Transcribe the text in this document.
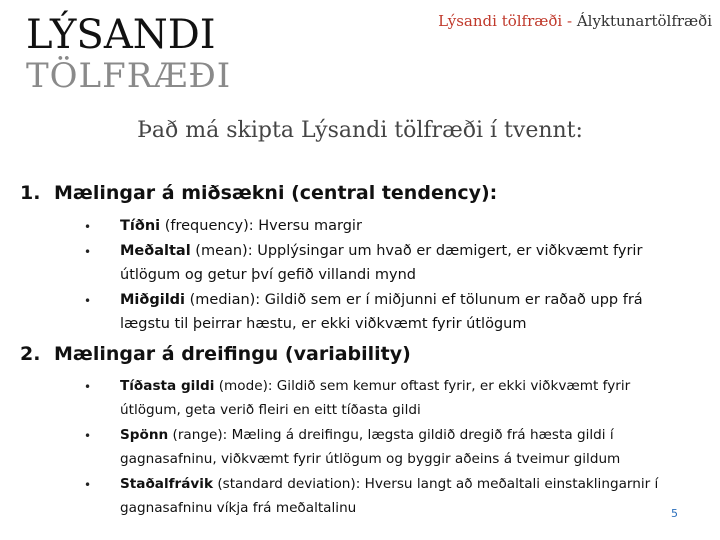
LÝSANDI
TÖLFRÆÐI
Lýsandi tölfræði - Ályktunartölfræði
Það má skipta Lýsandi tölfræði í tvennt:
1. Mælingar á miðsækni (central tendency):
•	Tíðni (frequency): Hversu margir
•	Meðaltal (mean): Upplýsingar um hvað er dæmigert, er viðkvæmt fyrir útlögum og getur því gefið villandi mynd
•	Miðgildi (median): Gildið sem er í miðjunni ef tölunum er raðað upp frá lægstu til þeirrar hæstu, er ekki viðkvæmt fyrir útlögum
2. Mælingar á dreifingu (variability)
•	Tíðasta gildi (mode): Gildið sem kemur oftast fyrir, er ekki viðkvæmt fyrir útlögum, geta verið fleiri en eitt tíðasta gildi
•	Spönn (range): Mæling á dreifingu, lægsta gildið dregið frá hæsta gildi í gagnasafninu, viðkvæmt fyrir útlögum og byggir aðeins á tveimur gildum
•	Staðalfrávik (standard deviation): Hversu langt að meðaltali einstaklingarnir í gagnasafninu víkja frá meðaltalinu	5
